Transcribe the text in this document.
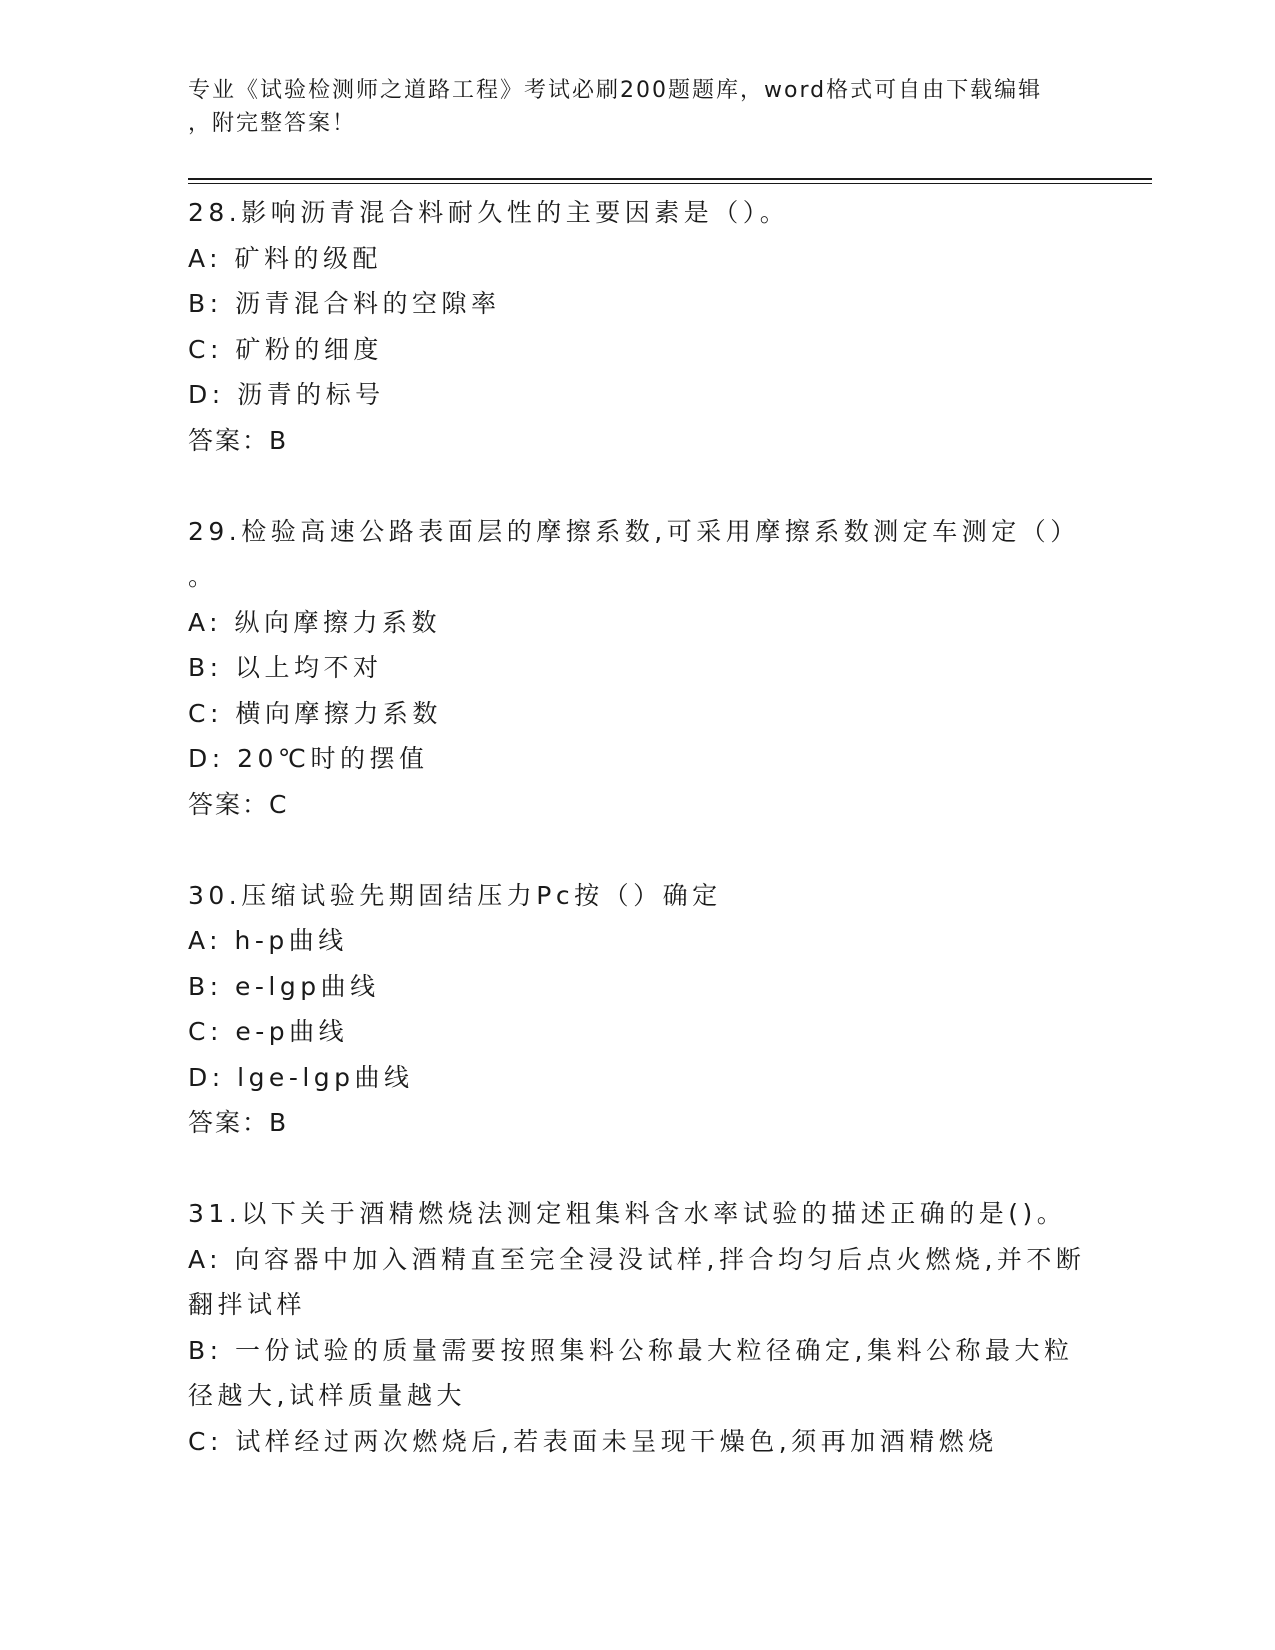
专业《试验检测师之道路工程》考试必刷200题题库，word格式可自由下载编辑
，附完整答案！
28.影响沥青混合料耐久性的主要因素是（）。
A: 矿料的级配
B: 沥青混合料的空隙率
C: 矿粉的细度
D: 沥青的标号
答案：B
29.检验高速公路表面层的摩擦系数,可采用摩擦系数测定车测定（）
。
A: 纵向摩擦力系数
B: 以上均不对
C: 横向摩擦力系数
D: 20℃时的摆值
答案：C
30.压缩试验先期固结压力Pc按（）确定
A: h-p曲线
B: e-lgp曲线
C: e-p曲线
D: lge-lgp曲线
答案：B
31.以下关于酒精燃烧法测定粗集料含水率试验的描述正确的是()。
A: 向容器中加入酒精直至完全浸没试样,拌合均匀后点火燃烧,并不断
翻拌试样
B: 一份试验的质量需要按照集料公称最大粒径确定,集料公称最大粒
径越大,试样质量越大
C: 试样经过两次燃烧后,若表面未呈现干燥色,须再加酒精燃烧
